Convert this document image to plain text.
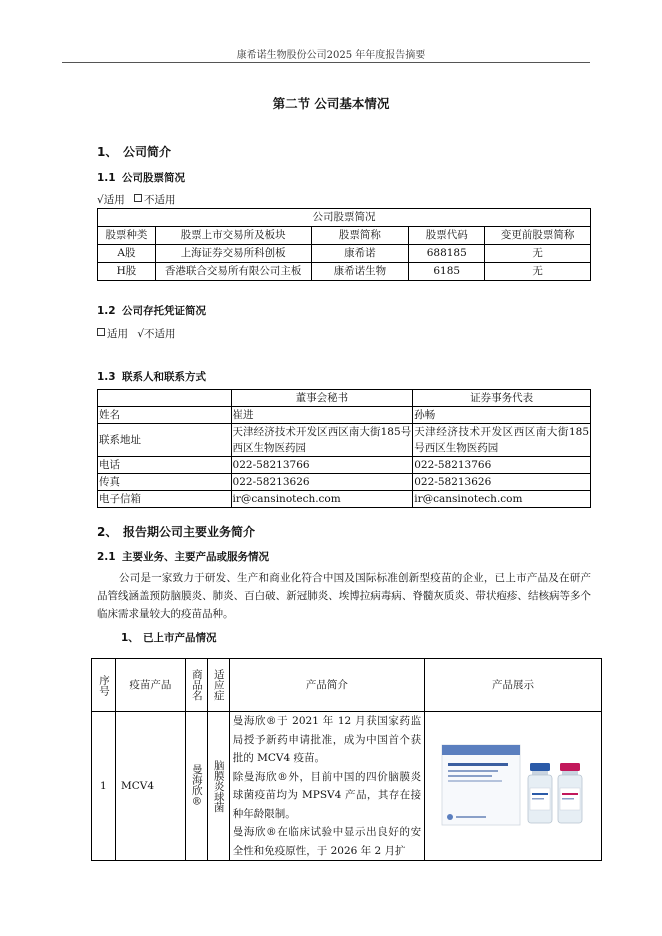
康希诺生物股份公司2025 年年度报告摘要
第二节 公司基本情况
1、 公司简介
1.1 公司股票简况
√适用 不适用
公司股票简况				
股票种类	股票上市交易所及板块	股票简称	股票代码	变更前股票简称
A股	上海证券交易所科创板	康希诺	688185	无
H股	香港联合交易所有限公司主板	康希诺生物	6185	无
1.2 公司存托凭证简况
适用 √不适用
1.3 联系人和联系方式
	董事会秘书	证券事务代表
姓名	崔进	孙畅
联系地址	天津经济技术开发区西区南大街185号西区生物医药园	天津经济技术开发区西区南大街185号西区生物医药园
电话	022-58213766	022-58213766
传真	022-58213626	022-58213626
电子信箱	ir@cansinotech.com	ir@cansinotech.com
2、 报告期公司主要业务简介
2.1 主要业务、主要产品或服务情况
公司是一家致力于研发、生产和商业化符合中国及国际标准创新型疫苗的企业，已上市产品及在研产品管线涵盖预防脑膜炎、肺炎、百白破、新冠肺炎、埃博拉病毒病、脊髓灰质炎、带状疱疹、结核病等多个临床需求量较大的疫苗品种。
1、 已上市产品情况
序号	疫苗产品	商品名	适应症	产品简介	产品展示
1	MCV4	曼海欣®	脑膜炎球菌	曼海欣®于 2021 年 12 月获国家药监局授予新药申请批准，成为中国首个获批的 MCV4 疫苗。

除曼海欣®外，目前中国的四价脑膜炎球菌疫苗均为 MPSV4 产品，其存在接种年龄限制。

曼海欣®在临床试验中显示出良好的安全性和免疫原性，于 2026 年 2 月扩
